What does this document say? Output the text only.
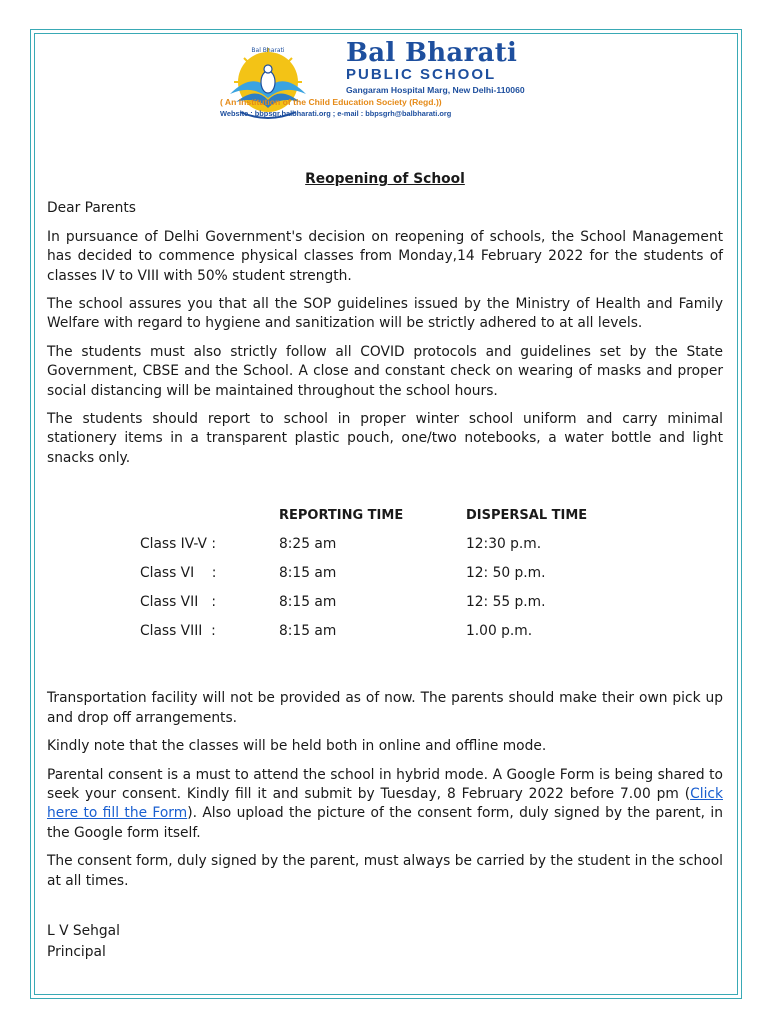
Bal Bharati Bal Bharati
PUBLIC SCHOOL
Gangaram Hospital Marg, New Delhi-110060
( An Institution of the Child Education Society (Regd.))
Website : bbpsgr.balbharati.org ; e-mail : bbpsgrh@balbharati.org

Reopening of School

Dear Parents

In pursuance of Delhi Government's decision on reopening of schools, the School Management has decided to commence physical classes from Monday,14 February 2022 for the students of classes IV to VIII with 50% student strength.

The school assures you that all the SOP guidelines issued by the Ministry of Health and Family Welfare with regard to hygiene and sanitization will be strictly adhered to at all levels.

The students must also strictly follow all COVID protocols and guidelines set by the State Government, CBSE and the School. A close and constant check on wearing of masks and proper social distancing will be maintained throughout the school hours.

The students should report to school in proper winter school uniform and carry minimal stationery items in a transparent plastic pouch, one/two notebooks, a water bottle and light snacks only.

REPORTING TIME	DISPERSAL TIME
Class IV-V :	8:25 am	12:30 p.m.
Class VI    :	8:15 am	12: 50 p.m.
Class VII   :	8:15 am	12: 55 p.m.
Class VIII  :	8:15 am	1.00 p.m.

Transportation facility will not be provided as of now. The parents should make their own pick up and drop off arrangements.

Kindly note that the classes will be held both in online and offline mode.

Parental consent is a must to attend the school in hybrid mode. A Google Form is being shared to seek your consent. Kindly fill it and submit by Tuesday, 8 February 2022 before 7.00 pm (Click here to fill the Form). Also upload the picture of the consent form, duly signed by the parent, in the Google form itself.

The consent form, duly signed by the parent, must always be carried by the student in the school at all times.

L V Sehgal
Principal
